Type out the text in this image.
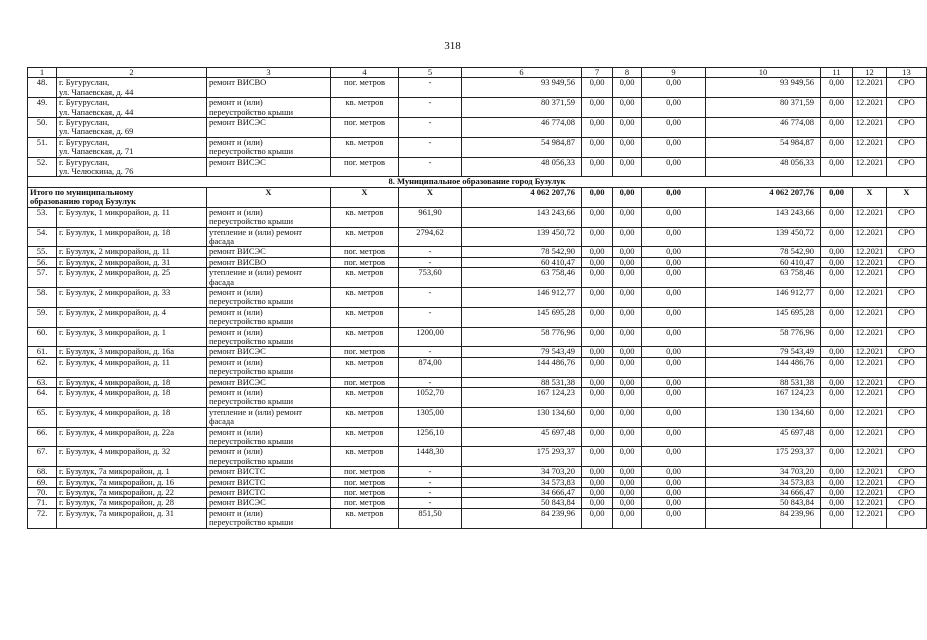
318
1	2	3	4	5	6	7	8	9	10	11	12	13
48.	г. Бугуруслан,
ул. Чапаевская, д. 44	ремонт ВИСВО	пог. метров	-	93 949,56	0,00	0,00	0,00	93 949,56	0,00	12.2021	СРО
49.	г. Бугуруслан,
ул. Чапаевская, д. 44	ремонт и (или)
переустройство крыши	кв. метров	-	80 371,59	0,00	0,00	0,00	80 371,59	0,00	12.2021	СРО
50.	г. Бугуруслан,
ул. Чапаевская, д. 69	ремонт ВИСЭС	пог. метров	-	46 774,08	0,00	0,00	0,00	46 774,08	0,00	12.2021	СРО
51.	г. Бугуруслан,
ул. Чапаевская, д. 71	ремонт и (или)
переустройство крыши	кв. метров	-	54 984,87	0,00	0,00	0,00	54 984,87	0,00	12.2021	СРО
52.	г. Бугуруслан,
ул. Челюскина, д. 76	ремонт ВИСЭС	пог. метров	-	48 056,33	0,00	0,00	0,00	48 056,33	0,00	12.2021	СРО
8. Муниципальное образование город Бузулук												

Итого по муниципальному
образованию город Бузулук		X	X	X	4 062 207,76	0,00	0,00	0,00	4 062 207,76	0,00	X	X
53.	г. Бузулук, 1 микрорайон, д. 11	ремонт и (или)
переустройство крыши	кв. метров	961,90	143 243,66	0,00	0,00	0,00	143 243,66	0,00	12.2021	СРО
54.	г. Бузулук, 1 микрорайон, д. 18	утепление и (или) ремонт
фасада	кв. метров	2794,62	139 450,72	0,00	0,00	0,00	139 450,72	0,00	12.2021	СРО
55.	г. Бузулук, 2 микрорайон, д. 11	ремонт ВИСЭС	пог. метров	-	78 542,90	0,00	0,00	0,00	78 542,90	0,00	12.2021	СРО
56.	г. Бузулук, 2 микрорайон, д. 31	ремонт ВИСВО	пог. метров	-	60 410,47	0,00	0,00	0,00	60 410,47	0,00	12.2021	СРО
57.	г. Бузулук, 2 микрорайон, д. 25	утепление и (или) ремонт
фасада	кв. метров	753,60	63 758,46	0,00	0,00	0,00	63 758,46	0,00	12.2021	СРО
58.	г. Бузулук, 2 микрорайон, д. 33	ремонт и (или)
переустройство крыши	кв. метров	-	146 912,77	0,00	0,00	0,00	146 912,77	0,00	12.2021	СРО
59.	г. Бузулук, 2 микрорайон, д. 4	ремонт и (или)
переустройство крыши	кв. метров	-	145 695,28	0,00	0,00	0,00	145 695,28	0,00	12.2021	СРО
60.	г. Бузулук, 3 микрорайон, д. 1	ремонт и (или)
переустройство крыши	кв. метров	1200,00	58 776,96	0,00	0,00	0,00	58 776,96	0,00	12.2021	СРО
61.	г. Бузулук, 3 микрорайон, д. 16а	ремонт ВИСЭС	пог. метров	-	79 543,49	0,00	0,00	0,00	79 543,49	0,00	12.2021	СРО
62.	г. Бузулук, 4 микрорайон, д. 11	ремонт и (или)
переустройство крыши	кв. метров	874,00	144 486,76	0,00	0,00	0,00	144 486,76	0,00	12.2021	СРО
63.	г. Бузулук, 4 микрорайон, д. 18	ремонт ВИСЭС	пог. метров	-	88 531,38	0,00	0,00	0,00	88 531,38	0,00	12.2021	СРО
64.	г. Бузулук, 4 микрорайон, д. 18	ремонт и (или)
переустройство крыши	кв. метров	1052,70	167 124,23	0,00	0,00	0,00	167 124,23	0,00	12.2021	СРО
65.	г. Бузулук, 4 микрорайон, д. 18	утепление и (или) ремонт
фасада	кв. метров	1305,00	130 134,60	0,00	0,00	0,00	130 134,60	0,00	12.2021	СРО
66.	г. Бузулук, 4 микрорайон, д. 22а	ремонт и (или)
переустройство крыши	кв. метров	1256,10	45 697,48	0,00	0,00	0,00	45 697,48	0,00	12.2021	СРО
67.	г. Бузулук, 4 микрорайон, д. 32	ремонт и (или)
переустройство крыши	кв. метров	1448,30	175 293,37	0,00	0,00	0,00	175 293,37	0,00	12.2021	СРО
68.	г. Бузулук, 7а микрорайон, д. 1	ремонт ВИСТС	пог. метров	-	34 703,20	0,00	0,00	0,00	34 703,20	0,00	12.2021	СРО
69.	г. Бузулук, 7а микрорайон, д. 16	ремонт ВИСТС	пог. метров	-	34 573,83	0,00	0,00	0,00	34 573,83	0,00	12.2021	СРО
70.	г. Бузулук, 7а микрорайон, д. 22	ремонт ВИСТС	пог. метров	-	34 666,47	0,00	0,00	0,00	34 666,47	0,00	12.2021	СРО
71.	г. Бузулук, 7а микрорайон, д. 28	ремонт ВИСЭС	пог. метров	-	50 843,84	0,00	0,00	0,00	50 843,84	0,00	12.2021	СРО
72.	г. Бузулук, 7а микрорайон, д. 31	ремонт и (или)
переустройство крыши	кв. метров	851,50	84 239,96	0,00	0,00	0,00	84 239,96	0,00	12.2021	СРО
